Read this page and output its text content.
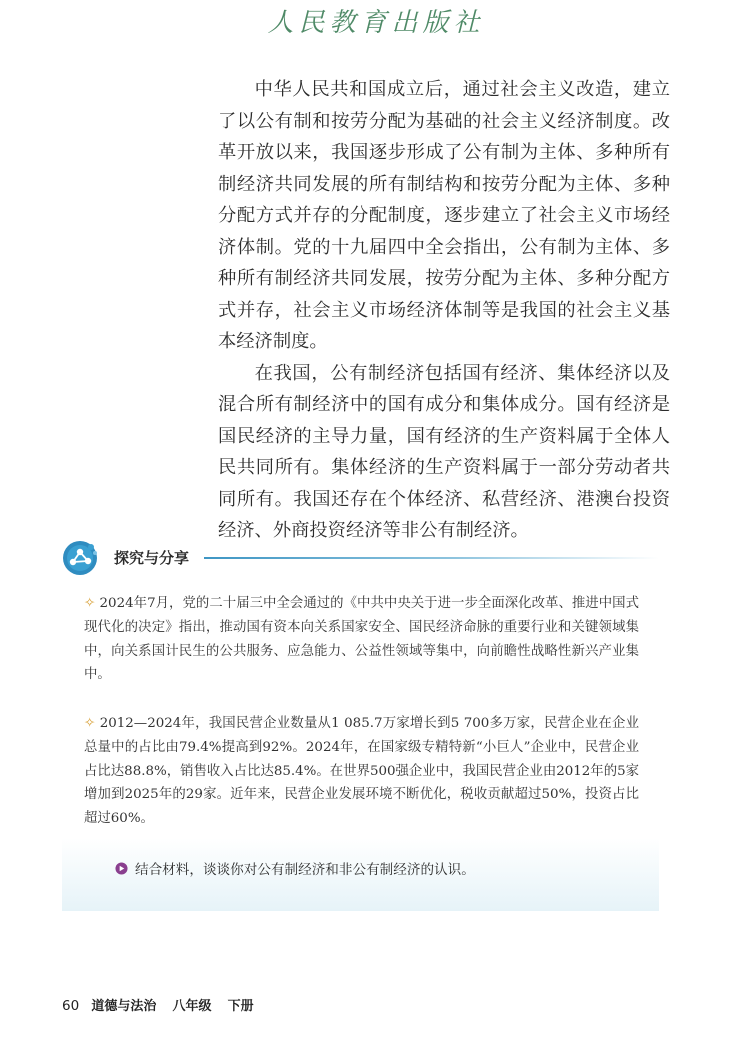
人民教育出版社

中华人民共和国成立后，通过社会主义改造，建立了以公有制和按劳分配为基础的社会主义经济制度。改革开放以来，我国逐步形成了公有制为主体、多种所有制经济共同发展的所有制结构和按劳分配为主体、多种分配方式并存的分配制度，逐步建立了社会主义市场经济体制。党的十九届四中全会指出，公有制为主体、多种所有制经济共同发展，按劳分配为主体、多种分配方式并存，社会主义市场经济体制等是我国的社会主义基本经济制度。

在我国，公有制经济包括国有经济、集体经济以及混合所有制经济中的国有成分和集体成分。国有经济是国民经济的主导力量，国有经济的生产资料属于全体人民共同所有。集体经济的生产资料属于一部分劳动者共同所有。我国还存在个体经济、私营经济、港澳台投资经济、外商投资经济等非公有制经济。

探究与分享
✧ 2024年7月，党的二十届三中全会通过的《中共中央关于进一步全面深化改革、推进中国式现代化的决定》指出，推动国有资本向关系国家安全、国民经济命脉的重要行业和关键领域集中，向关系国计民生的公共服务、应急能力、公益性领域等集中，向前瞻性战略性新兴产业集中。
✧ 2012—2024年，我国民营企业数量从1 085.7万家增长到5 700多万家，民营企业在企业总量中的占比由79.4%提高到92%。2024年，在国家级专精特新“小巨人”企业中，民营企业占比达88.8%，销售收入占比达85.4%。在世界500强企业中，我国民营企业由2012年的5家增加到2025年的29家。近年来，民营企业发展环境不断优化，税收贡献超过50%，投资占比超过60%。
结合材料，谈谈你对公有制经济和非公有制经济的认识。
60 道德与法治 八年级 下册
